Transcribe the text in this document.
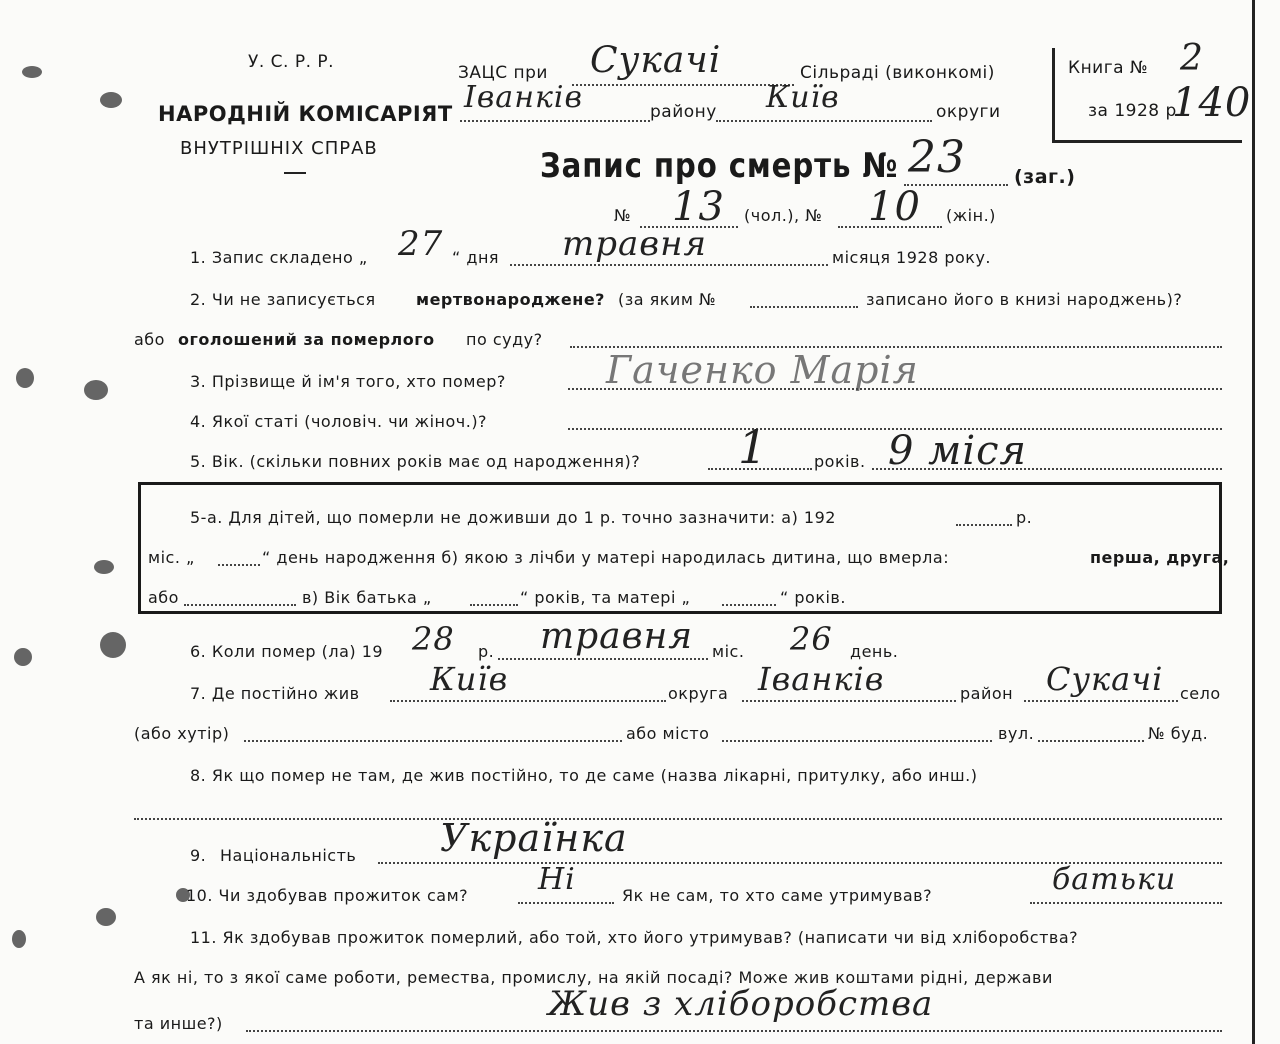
У. С. Р. Р.
НАРОДНІЙ КОМІСАРІЯТ
ВНУТРІШНІХ СПРАВ
ЗАЦС при Сукачі	Сільраді (виконкомі)
Іванків	району Київ	округи
Книга № 2
за 1928 р.
140
Запис про смерть № 23	(заг.)
№ 13 (чол.), № 10 (жін.)
1. Запис складено „ 27 “ дня травня	місяця 1928 року.
2. Чи не записується	мертвонароджене? (за яким №	записано його в книзі народжень)?
або оголошений за померлого по суду?
3. Прізвище й ім'я того, хто помер?	Гаченко Марія
4. Якої статі (чоловіч. чи жіноч.)?
5. Вік. (скільки повних років має од народження)? 1	років. 9 міся
5-а. Для дітей, що померли не доживши до 1 р. точно зазначити: а) 192	р.
міс. „	“ день народження б) якою з лічби у матері народилась дитина, що вмерла:	перша, друга,
або	в) Вік батька „	“ років, та матері „	“ років.
6. Коли помер (ла) 19 28 р. травня міс. 26 день.
7. Де постійно жив Київ	округа Іванків	район Сукачі село
(або хутір)	або місто	вул.	№ буд.
8. Як що помер не там, де жив постійно, то де саме (назва лікарні, притулку, або инш.)
9. Національність Українка
10. Чи здобував прожиток сам? Ні	Як не сам, то хто саме утримував?	батьки
11. Як здобував прожиток померлий, або той, хто його утримував? (написати чи від хліборобства?
А як ні, то з якої саме роботи, ремества, промислу, на якій посаді? Може жив коштами рідні, держави
та инше?)	Жив з хліборобства
